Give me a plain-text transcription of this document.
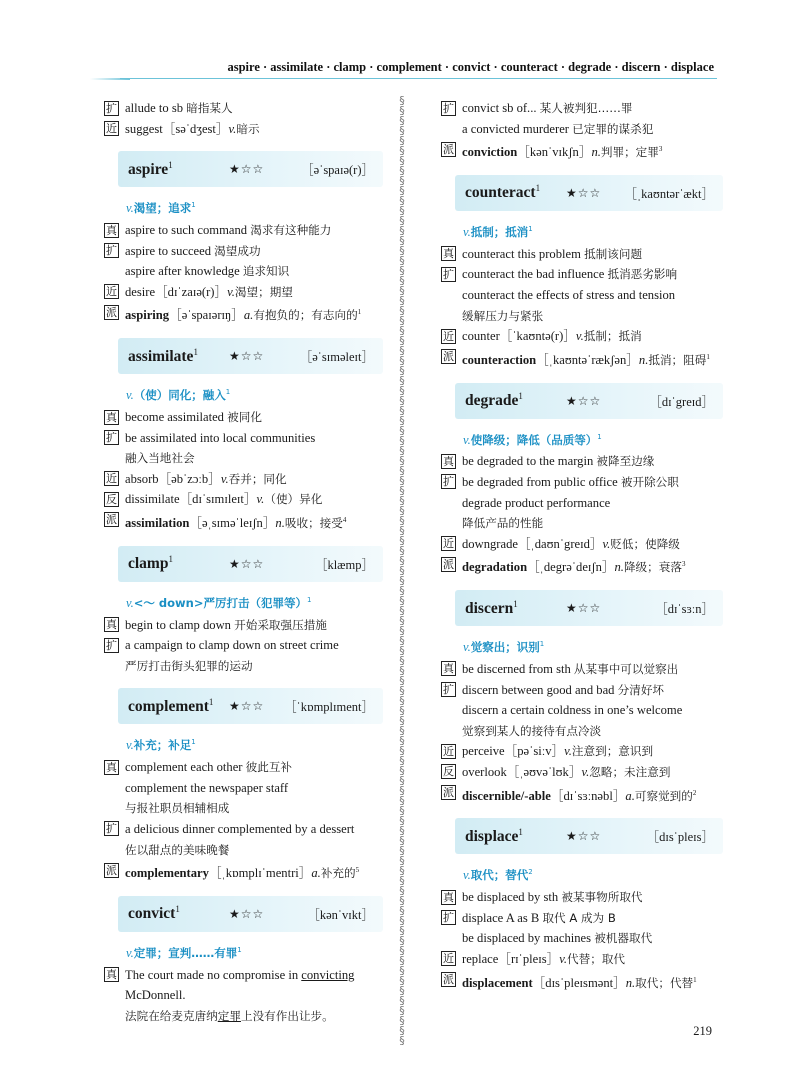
aspire · assimilate · clamp · complement · convict · counteract · degrade · discern · displace
§
§
§
§
§
§
§
§
§
§
§
§
§
§
§
§
§
§
§
§
§
§
§
§
§
§
§
§
§
§
§
§
§
§
§
§
§
§
§
§
§
§
§
§
§
§
§
§
§
§
§
§
§
§
§
§
§
§
§
§
§
§
§
§
§
§
§
§
§
§
§
§
§
§
§
§
§
§
§
§
§
§
§
§
§
§
§
§
§
§
§
§
§
§
§
扩 allude to sb 暗指某人
近 suggest［səˈdʒest］v.暗示
aspire$^1$	★☆☆	［əˈspaɪə(r)］
v.渴望；追求$^1$
真 aspire to such command 渴求有这种能力
扩 aspire to succeed 渴望成功
aspire after knowledge 追求知识
近 desire［dɪˈzaɪə(r)］v.渴望；期望
派 aspiring［əˈspaɪərɪŋ］a.有抱负的；有志向的$^1$
assimilate$^1$	★☆☆	［əˈsɪməleɪt］
v.（使）同化；融入$^1$
真 become assimilated 被同化
扩 be assimilated into local communities
融入当地社会
近 absorb［əbˈzɔːb］v.吞并；同化
反 dissimilate［dɪˈsɪmɪleɪt］v.（使）异化
派 assimilation［əˌsɪməˈleɪʃn］n.吸收；接受$^4$
clamp$^1$	★☆☆	［klæmp］
v.<～ down>严厉打击（犯罪等）$^1$
真 begin to clamp down 开始采取强压措施
扩 a campaign to clamp down on street crime
严厉打击街头犯罪的运动
complement$^1$ ★☆☆ ［ˈkɒmplɪment］
v.补充；补足$^1$
真 complement each other 彼此互补
complement the newspaper staff
与报社职员相辅相成
扩 a delicious dinner complemented by a dessert
佐以甜点的美味晚餐
派 complementary［ˌkɒmplɪˈmentri］a.补充的$^5$
convict$^1$	★☆☆	［kənˈvɪkt］
v.定罪；宣判……有罪$^1$
真 The court made no compromise in convicting
McDonnell.
法院在给麦克唐纳定罪上没有作出让步。
扩 convict sb of... 某人被判犯……罪
a convicted murderer 已定罪的谋杀犯
派 conviction［kənˈvɪkʃn］n.判罪；定罪$^3$
counteract$^1$ ★☆☆ ［ˌkaʊntərˈækt］
v.抵制；抵消$^1$
真 counteract this problem 抵制该问题
扩 counteract the bad influence 抵消恶劣影响
counteract the effects of stress and tension
缓解压力与紧张
近 counter［ˈkaʊntə(r)］v.抵制；抵消
派 counteraction［ˌkaʊntəˈrækʃən］n.抵消；阻碍$^1$
degrade$^1$	★☆☆	［dɪˈgreɪd］
v.使降级；降低（品质等）$^1$
真 be degraded to the margin 被降至边缘
扩 be degraded from public office 被开除公职
degrade product performance
降低产品的性能
近 downgrade［ˌdaʊnˈgreɪd］v.贬低；使降级
派 degradation［ˌdegrəˈdeɪʃn］n.降级；衰落$^3$
discern$^1$	★☆☆	［dɪˈsɜːn］
v.觉察出；识别$^1$
真 be discerned from sth 从某事中可以觉察出
扩 discern between good and bad 分清好坏
discern a certain coldness in one’s welcome
觉察到某人的接待有点冷淡
近 perceive［pəˈsiːv］v.注意到；意识到
反 overlook［ˌəʊvəˈlʊk］v.忽略；未注意到
派 discernible/-able［dɪˈsɜːnəbl］a.可察觉到的$^2$
displace$^1$	★☆☆	［dɪsˈpleɪs］
v.取代；替代$^2$
真 be displaced by sth 被某事物所取代
扩 displace A as B 取代 A 成为 B
be displaced by machines 被机器取代
近 replace［rɪˈpleɪs］v.代替；取代
派 displacement［dɪsˈpleɪsmənt］n.取代；代替$^1$
219
